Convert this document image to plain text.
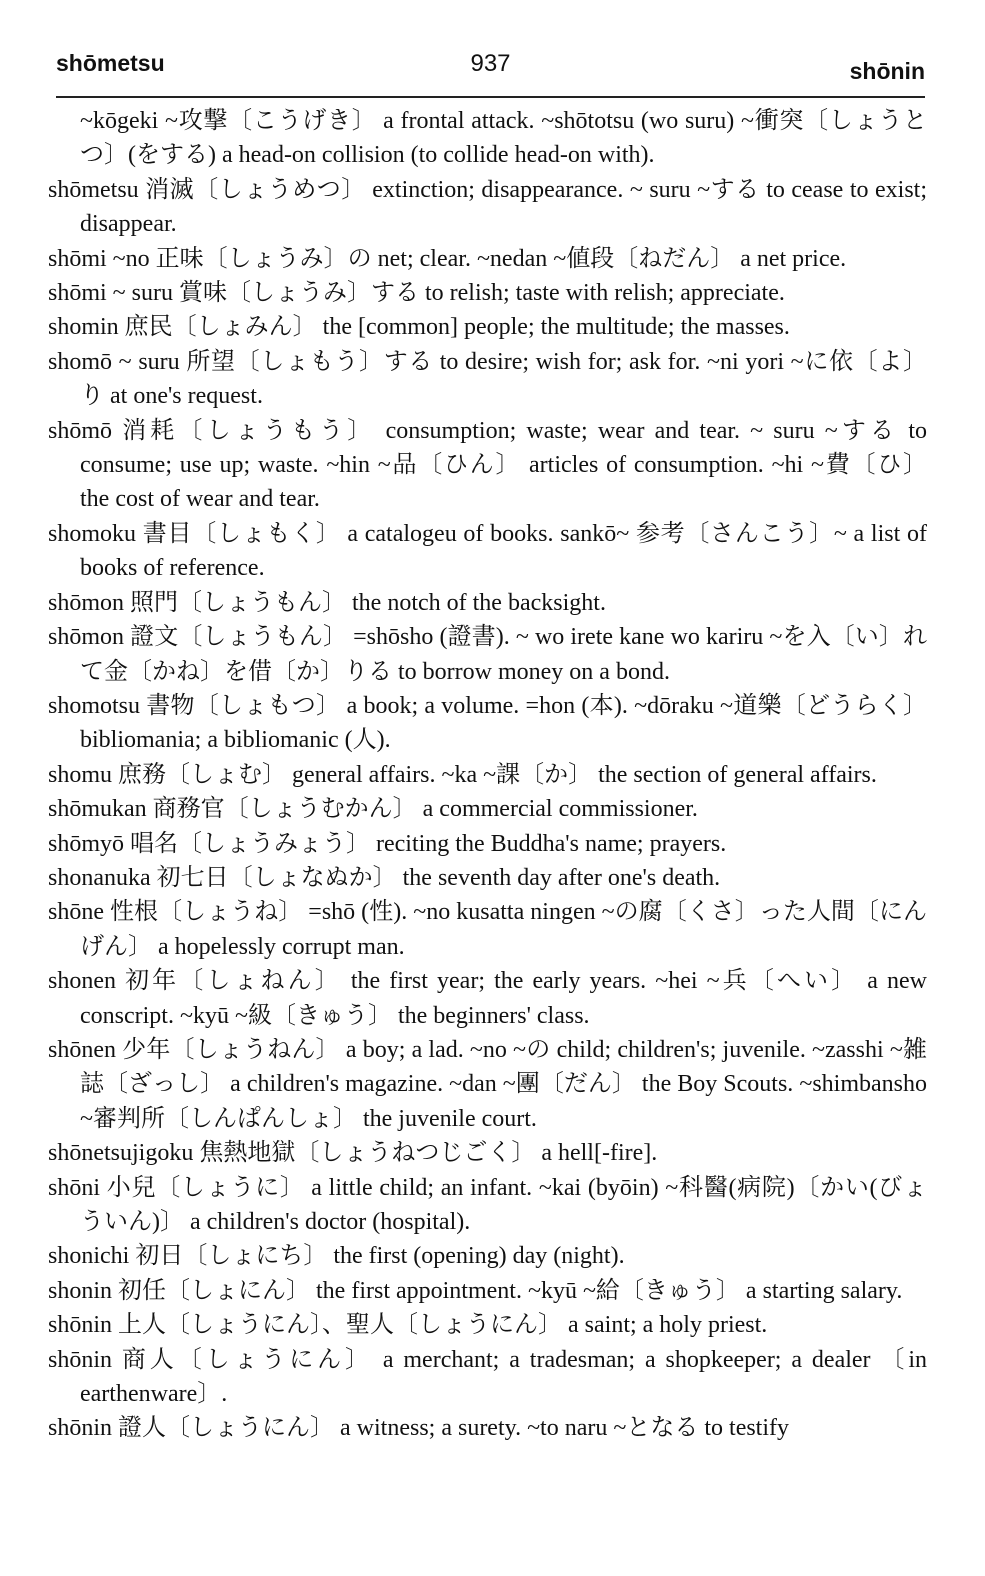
shōmetsu	937	shōnin

~kōgeki ~攻撃〔こうげき〕 a frontal attack. ~shōtotsu (wo suru) ~衝突〔しょうとつ〕(をする) a head-on collision (to collide head-on with).

shōmetsu 消滅〔しょうめつ〕 extinction; disappearance. ~ suru ~する to cease to exist; disappear.

shōmi ~no 正味〔しょうみ〕の net; clear. ~nedan ~値段〔ねだん〕 a net price.

shōmi ~ suru 賞味〔しょうみ〕する to relish; taste with relish; appreciate.

shomin 庶民〔しょみん〕 the [common] people; the multitude; the masses.

shomō ~ suru 所望〔しょもう〕する to desire; wish for; ask for. ~ni yori ~に依〔よ〕り at one's request.

shōmō 消耗〔しょうもう〕 consumption; waste; wear and tear. ~ suru ~する to consume; use up; waste. ~hin ~品〔ひん〕 articles of consumption. ~hi ~費〔ひ〕 the cost of wear and tear.

shomoku 書目〔しょもく〕 a catalogeu of books. sankō~ 参考〔さんこう〕~ a list of books of reference.

shōmon 照門〔しょうもん〕 the notch of the backsight.

shōmon 證文〔しょうもん〕 =shōsho (證書). ~ wo irete kane wo kariru ~を入〔い〕れて金〔かね〕を借〔か〕りる to borrow money on a bond.

shomotsu 書物〔しょもつ〕 a book; a volume. =hon (本). ~dōraku ~道樂〔どうらく〕 bibliomania; a bibliomanic (人).

shomu 庶務〔しょむ〕 general affairs. ~ka ~課〔か〕 the section of general affairs.

shōmukan 商務官〔しょうむかん〕 a commercial commissioner.

shōmyō 唱名〔しょうみょう〕 reciting the Buddha's name; prayers.

shonanuka 初七日〔しょなぬか〕 the seventh day after one's death.

shōne 性根〔しょうね〕 =shō (性). ~no kusatta ningen ~の腐〔くさ〕った人間〔にんげん〕 a hopelessly corrupt man.

shonen 初年〔しょねん〕 the first year; the early years. ~hei ~兵〔へい〕 a new conscript. ~kyū ~級〔きゅう〕 the beginners' class.

shōnen 少年〔しょうねん〕 a boy; a lad. ~no ~の child; children's; juvenile. ~zasshi ~雑誌〔ざっし〕 a children's magazine. ~dan ~團〔だん〕 the Boy Scouts. ~shimbansho ~審判所〔しんぱんしょ〕 the juvenile court.

shōnetsujigoku 焦熱地獄〔しょうねつじごく〕 a hell[-fire].

shōni 小兒〔しょうに〕 a little child; an infant. ~kai (byōin) ~科醫(病院)〔かい(びょういん)〕 a children's doctor (hospital).

shonichi 初日〔しょにち〕 the first (opening) day (night).

shonin 初任〔しょにん〕 the first appointment. ~kyū ~給〔きゅう〕 a starting salary.

shōnin 上人〔しょうにん〕、聖人〔しょうにん〕 a saint; a holy priest.

shōnin 商人〔しょうにん〕 a merchant; a tradesman; a shopkeeper; a dealer 〔in earthenware〕.

shōnin 證人〔しょうにん〕 a witness; a surety. ~to naru ~となる to testify
